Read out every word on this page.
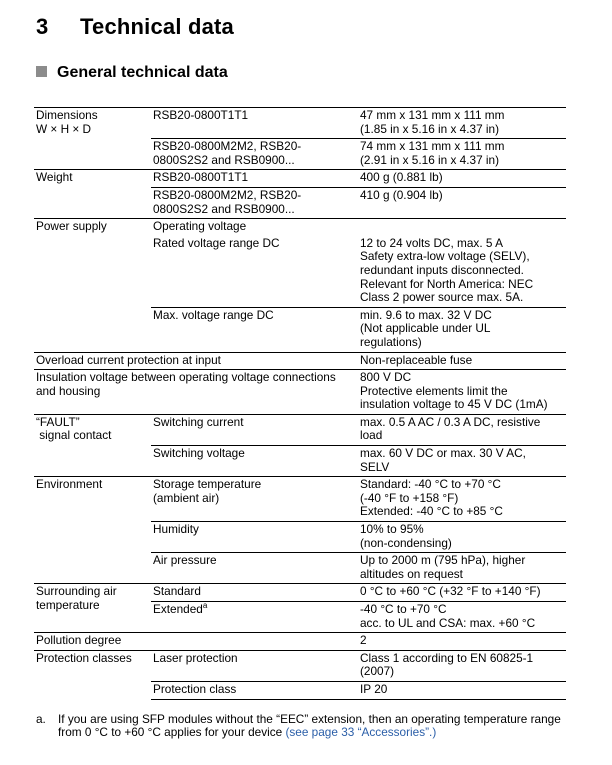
3 Technical data
General technical data
Dimensions
W × H × D	RSB20-0800T1T1	47 mm x 131 mm x 111 mm
(1.85 in x 5.16 in x 4.37 in)
	RSB20-0800M2M2, RSB20-
0800S2S2 and RSB0900...	74 mm x 131 mm x 111 mm
(2.91 in x 5.16 in x 4.37 in)
Weight	RSB20-0800T1T1	400 g (0.881 lb)
	RSB20-0800M2M2, RSB20-
0800S2S2 and RSB0900...	410 g (0.904 lb)
Power supply	Operating voltage	
	Rated voltage range DC	12 to 24 volts DC, max. 5 A
Safety extra-low voltage (SELV),
redundant inputs disconnected.
Relevant for North America: NEC
Class 2 power source max. 5A.
	Max. voltage range DC	min. 9.6 to max. 32 V DC
(Not applicable under UL
regulations)
Overload current protection at input		Non-replaceable fuse
Insulation voltage between operating voltage connections
and housing		800 V DC
Protective elements limit the
insulation voltage to 45 V DC (1mA)
“FAULT”
signal contact	Switching current	max. 0.5 A AC / 0.3 A DC, resistive
load
	Switching voltage	max. 60 V DC or max. 30 V AC,
SELV
Environment	Storage temperature
(ambient air)	Standard: -40 °C to +70 °C
(-40 °F to +158 °F)
Extended: -40 °C to +85 °C
	Humidity	10% to 95%
(non-condensing)
	Air pressure	Up to 2000 m (795 hPa), higher
altitudes on request
Surrounding air
temperature	Standard	0 °C to +60 °C (+32 °F to +140 °F)
	Extended$^a$	-40 °C to +70 °C
acc. to UL and CSA: max. +60 °C
Pollution degree		2
Protection classes	Laser protection	Class 1 according to EN 60825-1
(2007)
	Protection class	IP 20
a. If you are using SFP modules without the “EEC” extension, then an operating temperature range from 0 °C to +60 °C applies for your device (see page 33 “Accessories”.)
